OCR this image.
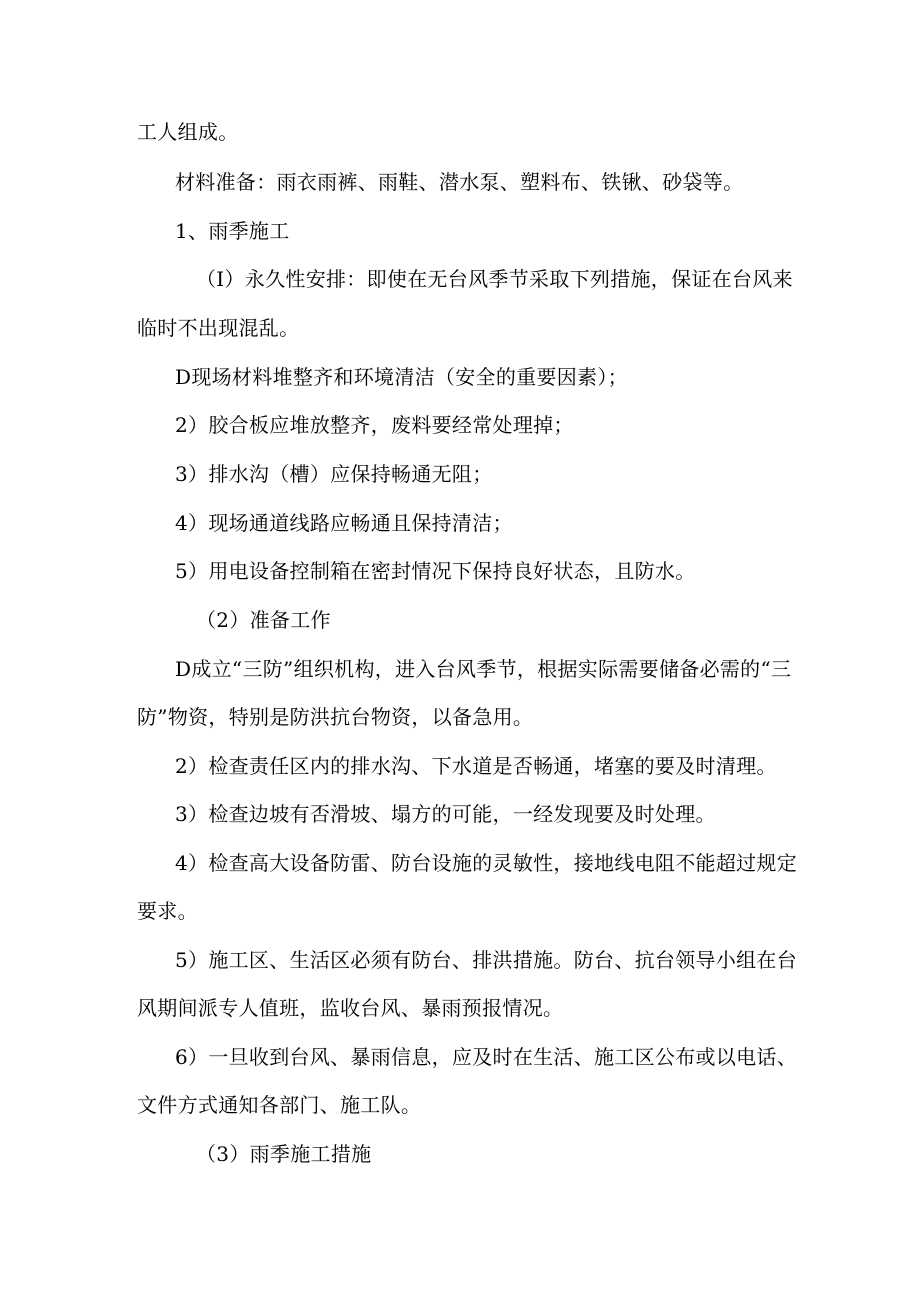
工人组成。

材料准备：雨衣雨裤、雨鞋、潜水泵、塑料布、铁锹、砂袋等。

1、雨季施工

（I）永久性安排：即使在无台风季节采取下列措施，保证在台风来

临时不出现混乱。

D现场材料堆整齐和环境清洁（安全的重要因素）；

2）胶合板应堆放整齐，废料要经常处理掉；

3）排水沟（槽）应保持畅通无阻；

4）现场通道线路应畅通且保持清洁；

5）用电设备控制箱在密封情况下保持良好状态，且防水。

（2）准备工作

D成立“三防”组织机构，进入台风季节，根据实际需要储备必需的“三

防”物资，特别是防洪抗台物资，以备急用。

2）检查责任区内的排水沟、下水道是否畅通，堵塞的要及时清理。

3）检查边坡有否滑坡、塌方的可能，一经发现要及时处理。

4）检查高大设备防雷、防台设施的灵敏性，接地线电阻不能超过规定

要求。

5）施工区、生活区必须有防台、排洪措施。防台、抗台领导小组在台

风期间派专人值班，监收台风、暴雨预报情况。

6）一旦收到台风、暴雨信息，应及时在生活、施工区公布或以电话、

文件方式通知各部门、施工队。

（3）雨季施工措施
